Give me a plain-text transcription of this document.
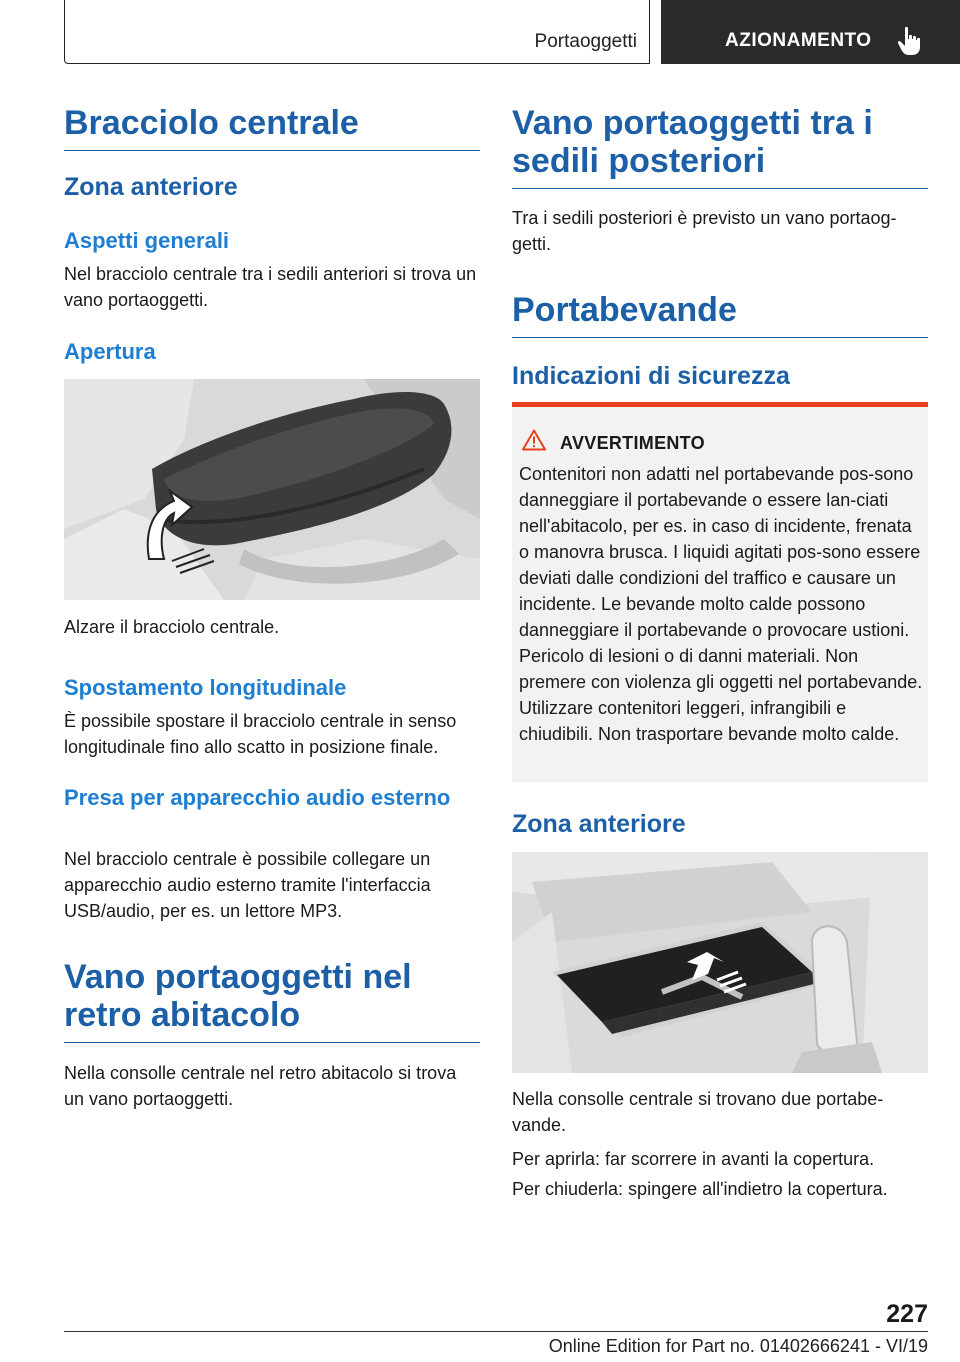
Portaoggetti	AZIONAMENTO
Bracciolo centrale
Zona anteriore
Aspetti generali

Nel bracciolo centrale tra i sedili anteriori si trova un vano portaoggetti.

Apertura

Alzare il bracciolo centrale.

Spostamento longitudinale

È possibile spostare il bracciolo centrale in senso longitudinale fino allo scatto in posizione finale.

Presa per apparecchio audio esterno

Nel bracciolo centrale è possibile collegare un apparecchio audio esterno tramite l'interfaccia USB/audio, per es. un lettore MP3.

Vano portaoggetti nel retro abitacolo

Nella consolle centrale nel retro abitacolo si trova un vano portaoggetti.

Vano portaoggetti tra i sedili posteriori

Tra i sedili posteriori è previsto un vano portaog-getti.

Portabevande
Indicazioni di sicurezza
AVVERTIMENTO
Contenitori non adatti nel portabevande pos-sono danneggiare il portabevande o essere lan-ciati nell'abitacolo, per es. in caso di incidente, frenata o manovra brusca. I liquidi agitati pos-sono essere deviati dalle condizioni del traffico e causare un incidente. Le bevande molto calde possono danneggiare il portabevande o provocare ustioni. Pericolo di lesioni o di danni materiali. Non premere con violenza gli oggetti nel portabevande. Utilizzare contenitori leggeri, infrangibili e chiudibili. Non trasportare bevande molto calde.
Zona anteriore

Nella consolle centrale si trovano due portabe-vande.

Per aprirla: far scorrere in avanti la copertura.

Per chiuderla: spingere all'indietro la copertura.

227
Online Edition for Part no. 01402666241 - VI/19
